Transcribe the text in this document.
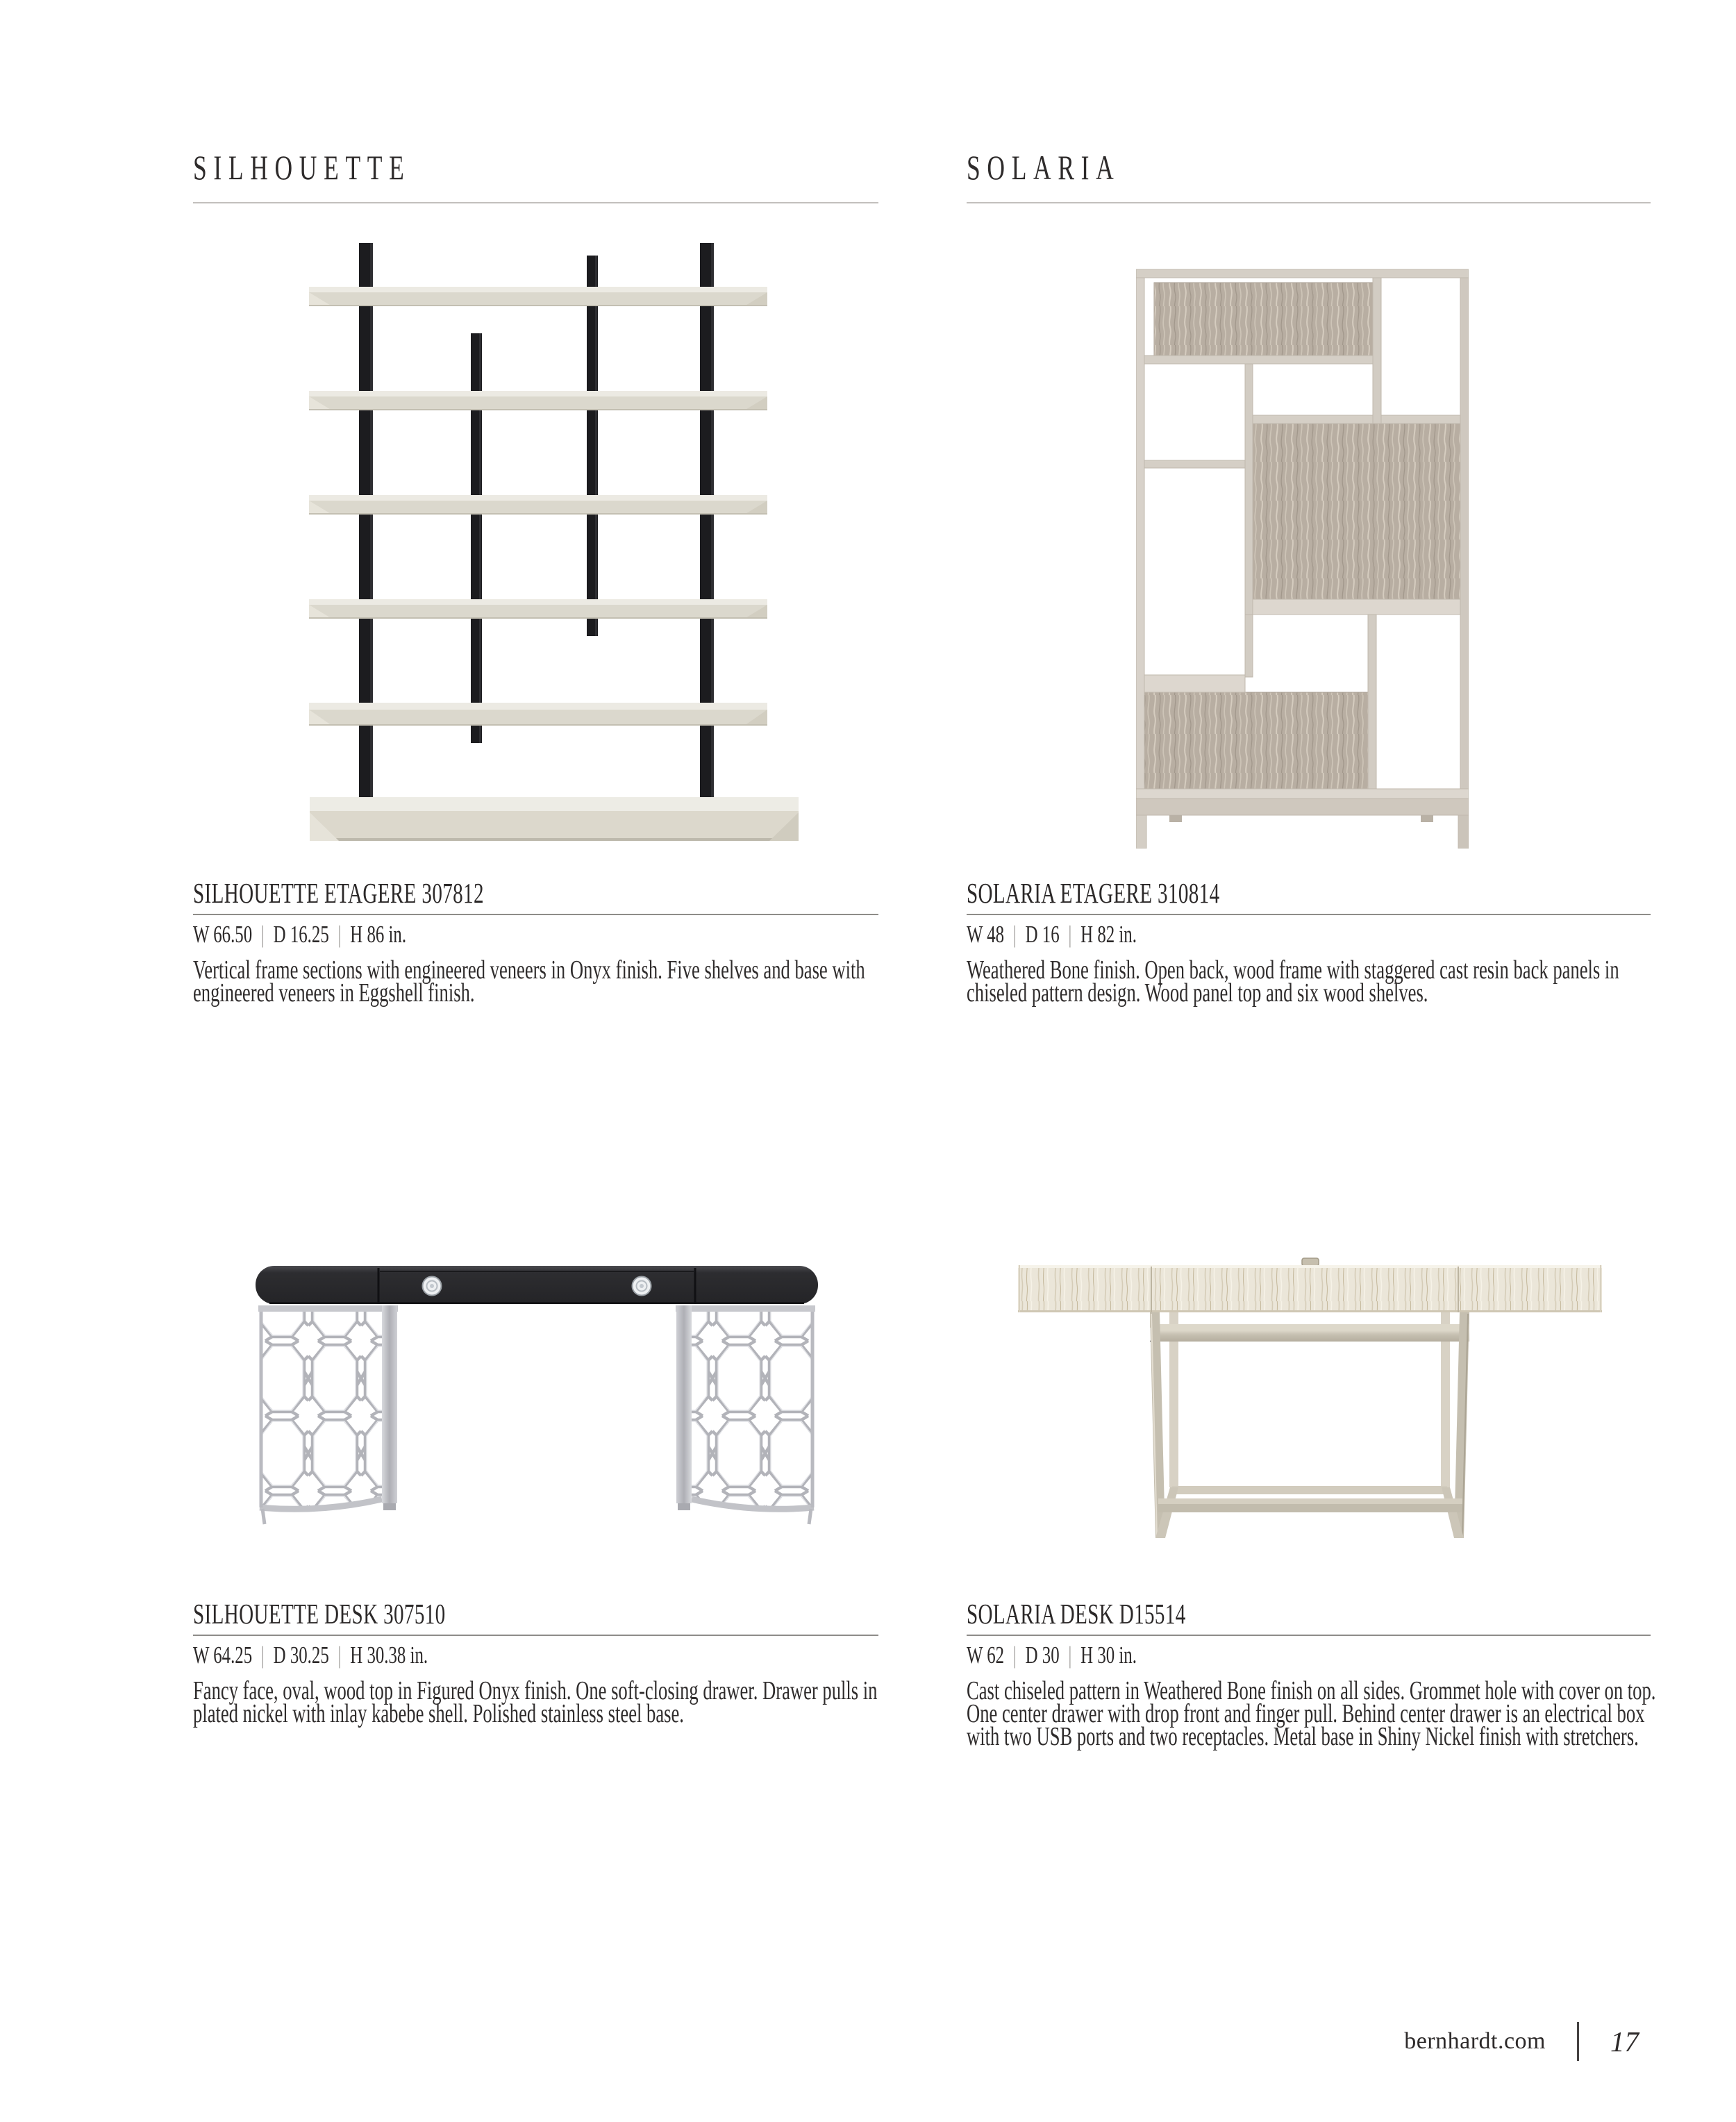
SILHOUETTE	SOLARIA
SILHOUETTE ETAGERE 307812
W 66.50 | D 16.25 | H 86 in.
Vertical frame sections with engineered veneers in Onyx finish. Five shelves and base with engineered veneers in Eggshell finish.
SOLARIA ETAGERE 310814
W 48 | D 16 | H 82 in.
Weathered Bone finish. Open back, wood frame with staggered cast resin back panels in chiseled pattern design. Wood panel top and six wood shelves.
SILHOUETTE DESK 307510
W 64.25 | D 30.25 | H 30.38 in.
Fancy face, oval, wood top in Figured Onyx finish. One soft-closing drawer. Drawer pulls in plated nickel with inlay kabebe shell. Polished stainless steel base.
SOLARIA DESK D15514
W 62 | D 30 | H 30 in.
Cast chiseled pattern in Weathered Bone finish on all sides. Grommet hole with cover on top. One center drawer with drop front and finger pull. Behind center drawer is an electrical box with two USB ports and two receptacles. Metal base in Shiny Nickel finish with stretchers.
bernhardt.com 17
